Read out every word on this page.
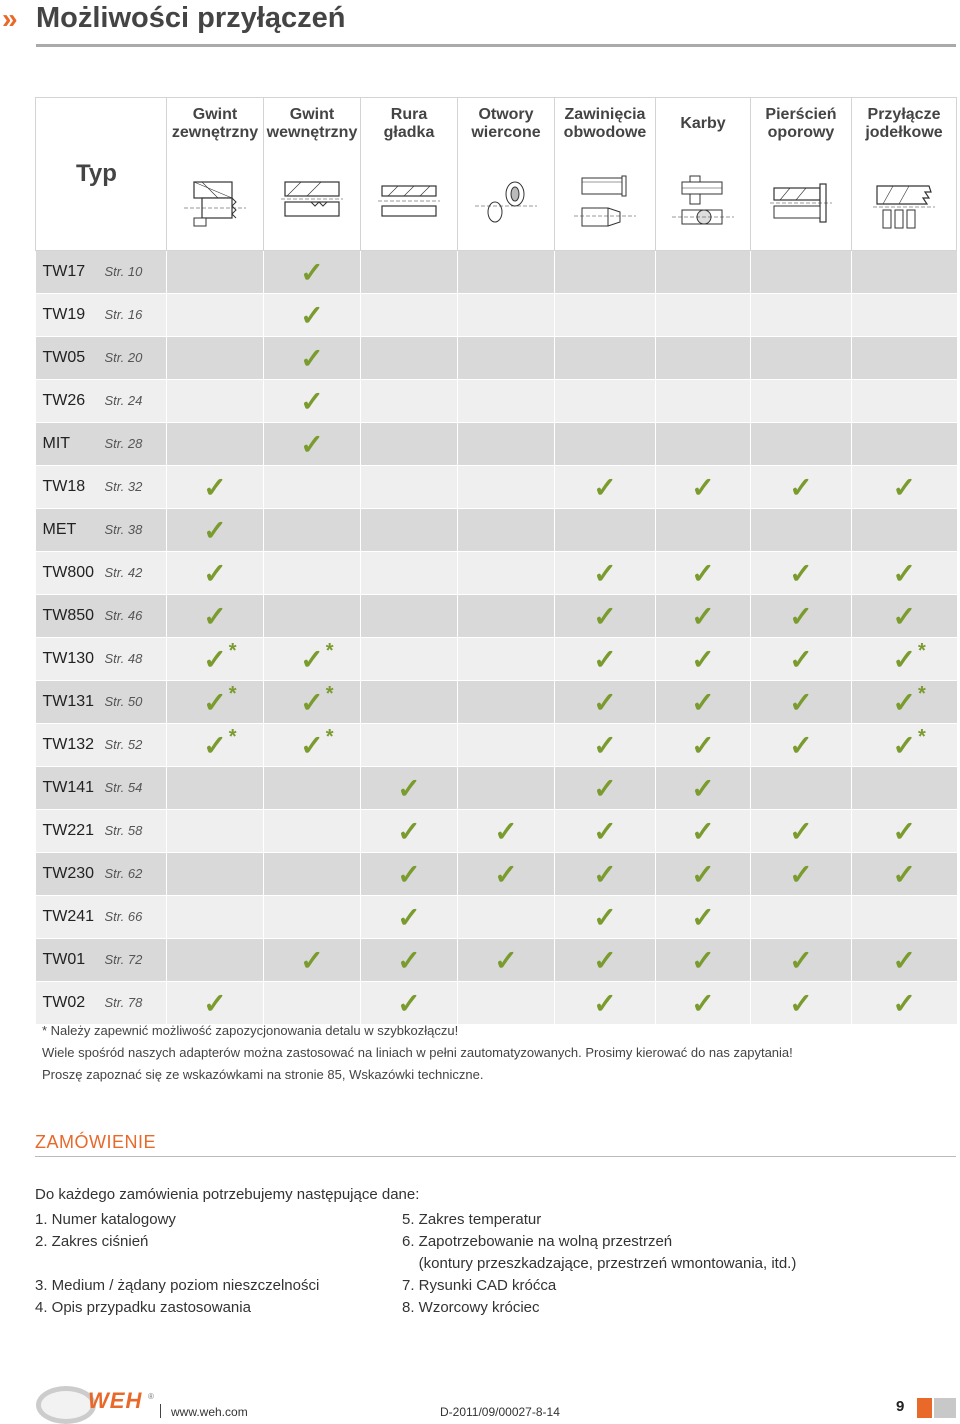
» Możliwości przyłączeń
Typ	Gwint
zewnętrzny	Gwint
wewnętrzny	Rura
gładka	Otwory
wiercone	Zawinięcia
obwodowe	Karby	Pierścień
oporowy	Przyłącze
jodełkowe

TW17 Str. 10		✓						
TW19 Str. 16		✓						
TW05 Str. 20		✓						
TW26 Str. 24		✓						
MIT Str. 28		✓						
TW18 Str. 32	✓				✓	✓	✓	✓
MET Str. 38	✓							
TW800 Str. 42	✓				✓	✓	✓	✓
TW850 Str. 46	✓				✓	✓	✓	✓
TW130 Str. 48	✓ *	✓ *			✓	✓	✓	✓ *

TW131 Str. 50	✓ *	✓ *			✓	✓	✓	✓ *

TW132 Str. 52	✓ *	✓ *			✓	✓	✓	✓ *

TW141 Str. 54			✓		✓	✓		
TW221 Str. 58			✓	✓	✓	✓	✓	✓
TW230 Str. 62			✓	✓	✓	✓	✓	✓
TW241 Str. 66			✓		✓	✓		
TW01 Str. 72		✓	✓	✓	✓	✓	✓	✓
TW02 Str. 78	✓		✓		✓	✓	✓	✓
* Należy zapewnić możliwość zapozycjonowania detalu w szybkozłączu!
Wiele spośród naszych adapterów można zastosować na liniach w pełni zautomatyzowanych. Prosimy kierować do nas zapytania!
Proszę zapoznać się ze wskazówkami na stronie 85, Wskazówki techniczne.
ZAMÓWIENIE
Do każdego zamówienia potrzebujemy następujące dane:
1. Numer katalogowy
2. Zakres ciśnień
3. Medium / żądany poziom nieszczelności
4. Opis przypadku zastosowania
5. Zakres temperatur
6. Zapotrzebowanie na wolną przestrzeń
(kontury przeszkadzające, przestrzeń wmontowania, itd.)
7. Rysunki CAD króćca
8. Wzorcowy króciec
WEH ®
www.weh.com	D-2011/09/00027-8-14	9
